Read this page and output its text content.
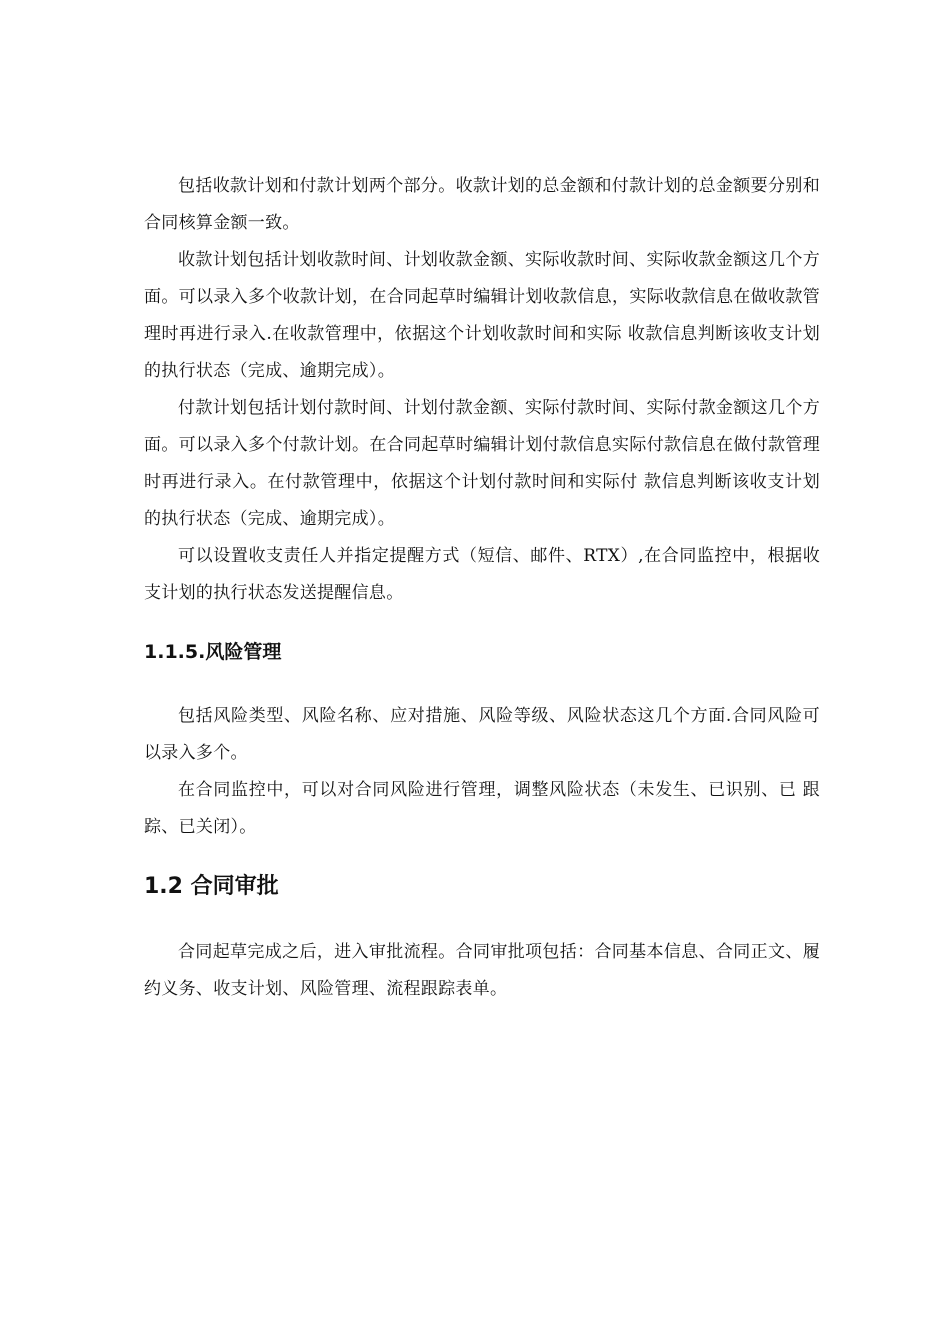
包括收款计划和付款计划两个部分。收款计划的总金额和付款计划的总金额要分别和合同核算金额一致。

收款计划包括计划收款时间、计划收款金额、实际收款时间、实际收款金额这几个方面。可以录入多个收款计划，在合同起草时编辑计划收款信息，实际收款信息在做收款管理时再进行录入.在收款管理中，依据这个计划收款时间和实际 收款信息判断该收支计划的执行状态（完成、逾期完成）。

付款计划包括计划付款时间、计划付款金额、实际付款时间、实际付款金额这几个方面。可以录入多个付款计划。在合同起草时编辑计划付款信息实际付款信息在做付款管理时再进行录入。在付款管理中，依据这个计划付款时间和实际付 款信息判断该收支计划的执行状态（完成、逾期完成）。

可以设置收支责任人并指定提醒方式（短信、邮件、RTX）,在合同监控中，根据收 支计划的执行状态发送提醒信息。

1.1.5.风险管理

包括风险类型、风险名称、应对措施、风险等级、风险状态这几个方面.合同风险可以录入多个。

在合同监控中，可以对合同风险进行管理，调整风险状态（未发生、已识别、已 跟踪、已关闭）。

1.2 合同审批

合同起草完成之后，进入审批流程。合同审批项包括：合同基本信息、合同正文、履约义务、收支计划、风险管理、流程跟踪表单。
